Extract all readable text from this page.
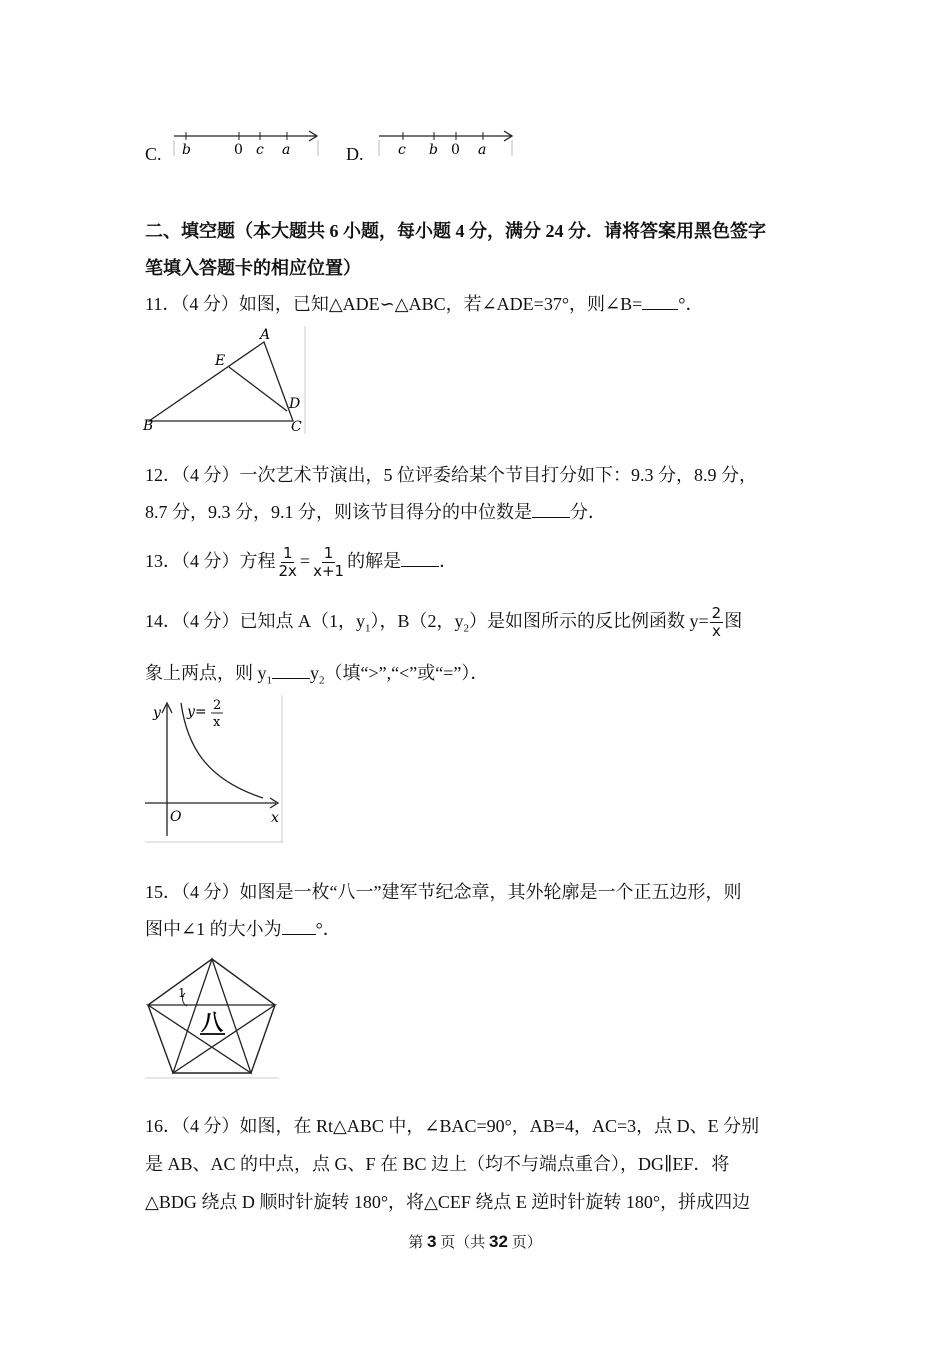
C. b	0 c a	D. c b 0 a
二、填空题（本大题共 6 小题，每小题 4 分，满分 24 分．请将答案用黑色签字
笔填入答题卡的相应位置）
11．（4 分）如图，已知△ADE∽△ABC，若∠ADE=37°，则∠B= °．
A
E
D
B	C
12．（4 分）一次艺术节演出，5 位评委给某个节目打分如下：9.3 分，8.9 分，
8.7 分，9.3 分，9.1 分，则该节目得分的中位数是 分．
13．（4 分）方程 $\frac{1}{2x} = \frac{1}{x+1}$ 的解是 ．
14．（4 分）已知点 A（1，$y_1$），B（2，$y_2$）是如图所示的反比例函数 $y= \frac{2}{x}$ 图
象上两点，则 $y_1$ $y_2$（填“>”,“<”或“=”）．
y y= 2
x
O	x
15．（4 分）如图是一枚“八一”建军节纪念章，其外轮廓是一个正五边形，则
图中∠1 的大小为 °．
1
八
16．（4 分）如图，在 Rt△ABC 中，∠BAC=90°，AB=4，AC=3，点 D、E 分别
是 AB、AC 的中点，点 G、F 在 BC 边上（均不与端点重合），DG∥EF．将
△BDG 绕点 D 顺时针旋转 180°，将△CEF 绕点 E 逆时针旋转 180°，拼成四边
第 3 页（共 32 页）
